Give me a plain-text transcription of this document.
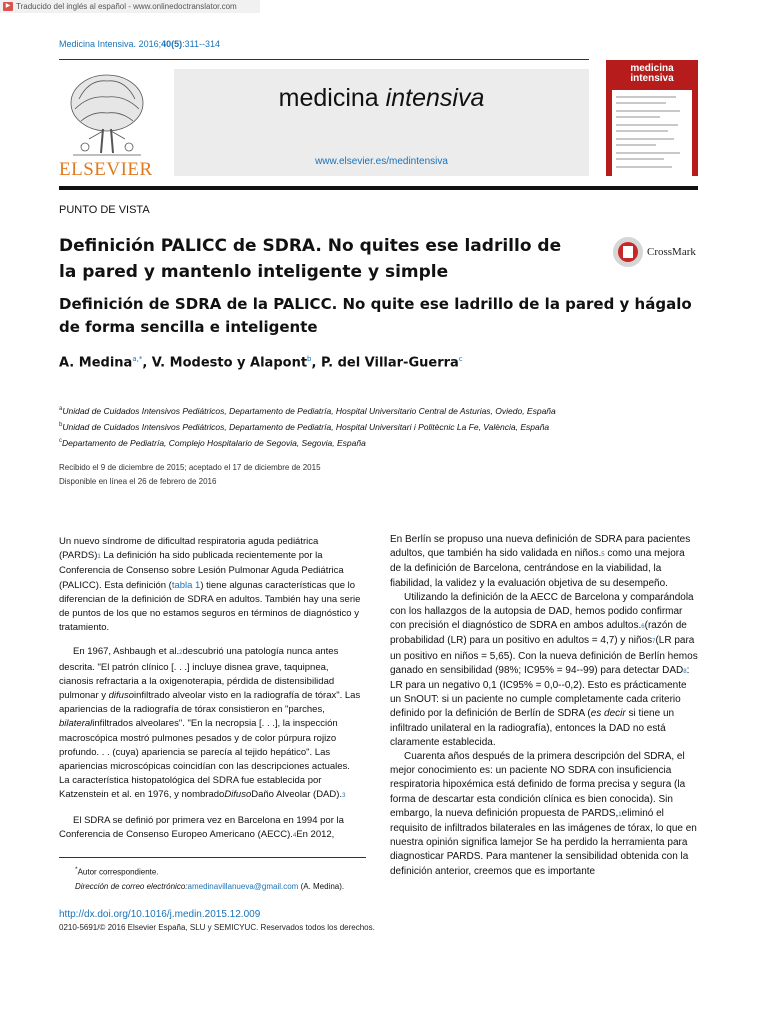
▶ Traducido del inglés al español - www.onlinedoctranslator.com
Medicina Intensiva. 2016;40(5):311--314
ELSEVIER
medicina intensiva
www.elsevier.es/medintensiva
medicina
intensiva
PUNTO DE VISTA
Definición PALICC de SDRA. No quites ese ladrillo de la pared y mantenlo inteligente y simple
CrossMark
Definición de SDRA de la PALICC. No quite ese ladrillo de la pared y hágalo de forma sencilla e inteligente
A. Medina$^{a,*}$, V. Modesto y Alapont$^b$, P. del Villar-Guerra$^c$
$^a$Unidad de Cuidados Intensivos Pediátricos, Departamento de Pediatría, Hospital Universitario Central de Asturias, Oviedo, España
$^b$Unidad de Cuidados Intensivos Pediátricos, Departamento de Pediatría, Hospital Universitari i Politècnic La Fe, València, España
$^c$Departamento de Pediatría, Complejo Hospitalario de Segovia, Segovia, España
Recibido el 9 de diciembre de 2015; aceptado el 17 de diciembre de 2015
Disponible en línea el 26 de febrero de 2016

Un nuevo síndrome de dificultad respiratoria aguda pediátrica (PARDS)1 La definición ha sido publicada recientemente por la Conferencia de Consenso sobre Lesión Pulmonar Aguda Pediátrica (PALICC). Esta definición (tabla 1) tiene algunas características que lo diferencian de la definición de SDRA en adultos. También hay una serie de puntos de los que no estamos seguros en términos de diagnóstico y tratamiento.

En 1967, Ashbaugh et al.2descubrió una patología nunca antes descrita. "El patrón clínico [. . .] incluye disnea grave, taquipnea, cianosis refractaria a la oxigenoterapia, pérdida de distensibilidad pulmonar y difusoinfiltrado alveolar visto en la radiografía de tórax". Las apariencias de la radiografía de tórax consistieron en "parches, bilateralinfiltrados alveolares". "En la necropsia [. . .], la inspección macroscópica mostró pulmones pesados y de color púrpura rojizo profundo. . . (cuya) apariencia se parecía al tejido hepático". Las apariencias microscópicas coincidían con las descripciones actuales. La característica histopatológica del SDRA fue establecida por Katzenstein et al. en 1976, y nombradoDifusoDaño Alveolar (DAD).3

El SDRA se definió por primera vez en Barcelona en 1994 por la Conferencia de Consenso Europeo Americano (AECC).4En 2012,

En Berlín se propuso una nueva definición de SDRA para pacientes adultos, que también ha sido validada en niños.5 como una mejora de la definición de Barcelona, centrándose en la viabilidad, la fiabilidad, la validez y la evaluación objetiva de su desempeño.

Utilizando la definición de la AECC de Barcelona y comparándola con los hallazgos de la autopsia de DAD, hemos podido confirmar con precisión el diagnóstico de SDRA en ambos adultos.6(razón de probabilidad (LR) para un positivo en adultos = 4,7) y niños7(LR para un positivo en niños = 5,65). Con la nueva definición de Berlín hemos ganado en sensibilidad (98%; IC95% = 94--99) para detectar DAD8: LR para un negativo 0,1 (IC95% = 0,0--0,2). Esto es prácticamente un SnOUT: si un paciente no cumple completamente cada criterio definido por la definición de Berlín de SDRA (es decir si tiene un infiltrado unilateral en la radiografía), entonces la DAD no está claramente establecida.

Cuarenta años después de la primera descripción del SDRA, el mejor conocimiento es: un paciente NO SDRA con insuficiencia respiratoria hipoxémica está definido de forma precisa y segura (la forma de descartar esta condición clínica es bien conocida). Sin embargo, la nueva definición propuesta de PARDS,1eliminó el requisito de infiltrados bilaterales en las imágenes de tórax, lo que en nuestra opinión significa lamejor Se ha perdido la herramienta para diagnosticar PARDS. Para mantener la sensibilidad obtenida con la definición anterior, creemos que es importante

*Autor correspondiente.
Dirección de correo electrónico:amedinavillanueva@gmail.com (A. Medina).
http://dx.doi.org/10.1016/j.medin.2015.12.009
0210-5691/© 2016 Elsevier España, SLU y SEMICYUC. Reservados todos los derechos.
